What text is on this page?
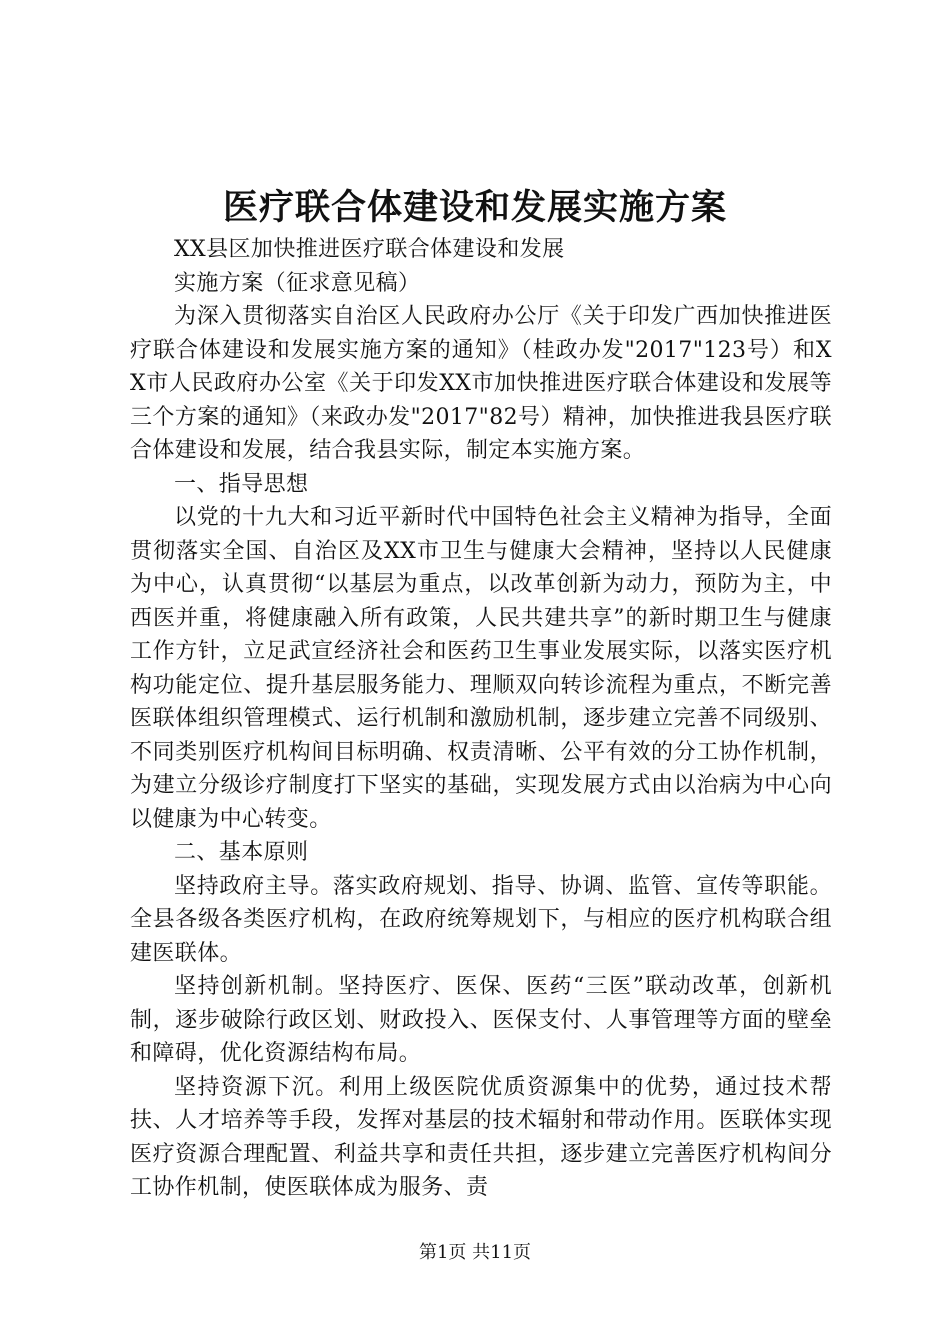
医疗联合体建设和发展实施方案

XX县区加快推进医疗联合体建设和发展

实施方案（征求意见稿）

为深入贯彻落实自治区人民政府办公厅《关于印发广西加快推进医疗联合体建设和发展实施方案的通知》（桂政办发"2017"123号）和XX市人民政府办公室《关于印发XX市加快推进医疗联合体建设和发展等三个方案的通知》（来政办发"2017"82号）精神，加快推进我县医疗联合体建设和发展，结合我县实际，制定本实施方案。

一、指导思想

以党的十九大和习近平新时代中国特色社会主义精神为指导，全面贯彻落实全国、自治区及XX市卫生与健康大会精神，坚持以人民健康为中心，认真贯彻“以基层为重点，以改革创新为动力，预防为主，中西医并重，将健康融入所有政策，人民共建共享”的新时期卫生与健康工作方针，立足武宣经济社会和医药卫生事业发展实际，以落实医疗机构功能定位、提升基层服务能力、理顺双向转诊流程为重点，不断完善医联体组织管理模式、运行机制和激励机制，逐步建立完善不同级别、不同类别医疗机构间目标明确、权责清晰、公平有效的分工协作机制，为建立分级诊疗制度打下坚实的基础，实现发展方式由以治病为中心向以健康为中心转变。

二、基本原则

坚持政府主导。落实政府规划、指导、协调、监管、宣传等职能。全县各级各类医疗机构，在政府统筹规划下，与相应的医疗机构联合组建医联体。

坚持创新机制。坚持医疗、医保、医药“三医”联动改革，创新机制，逐步破除行政区划、财政投入、医保支付、人事管理等方面的壁垒和障碍，优化资源结构布局。

坚持资源下沉。利用上级医院优质资源集中的优势，通过技术帮扶、人才培养等手段，发挥对基层的技术辐射和带动作用。医联体实现医疗资源合理配置、利益共享和责任共担，逐步建立完善医疗机构间分工协作机制，使医联体成为服务、责

第1页 共11页
